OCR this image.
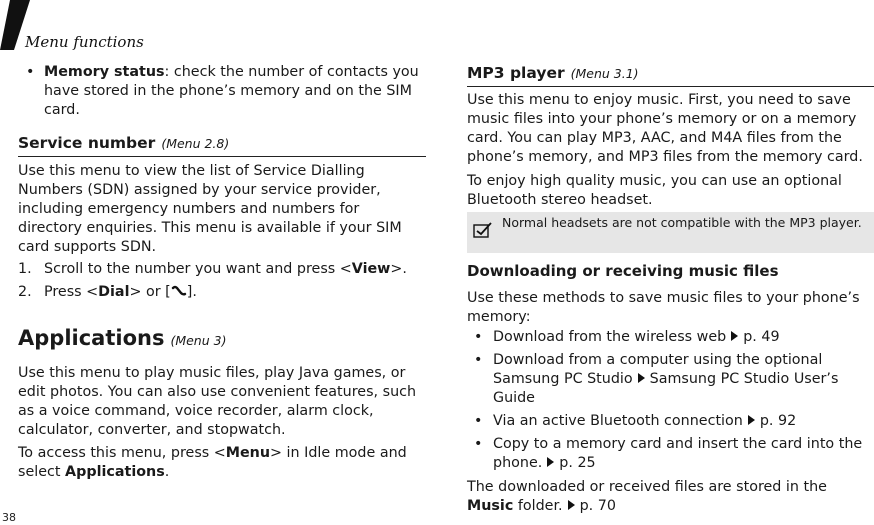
Menu functions
• Memory status: check the number of contacts you have stored in the phone’s memory and on the SIM card.
Service number (Menu 2.8)
Use this menu to view the list of Service Dialling Numbers (SDN) assigned by your service provider, including emergency numbers and numbers for directory enquiries. This menu is available if your SIM card supports SDN.
1. Scroll to the number you want and press <View>.
2. Press <Dial> or [ ].
Applications (Menu 3)
Use this menu to play music files, play Java games, or edit photos. You can also use convenient features, such as a voice command, voice recorder, alarm clock, calculator, converter, and stopwatch.
To access this menu, press <Menu> in Idle mode and select Applications.
MP3 player (Menu 3.1)
Use this menu to enjoy music. First, you need to save music files into your phone’s memory or on a memory card. You can play MP3, AAC, and M4A files from the phone’s memory, and MP3 files from the memory card.
To enjoy high quality music, you can use an optional Bluetooth stereo headset.
Normal headsets are not compatible with the MP3 player.
Downloading or receiving music files
Use these methods to save music files to your phone’s memory:
• Download from the wireless web p. 49
• Download from a computer using the optional Samsung PC Studio Samsung PC Studio User’s Guide
• Via an active Bluetooth connection p. 92
• Copy to a memory card and insert the card into the phone. p. 25
The downloaded or received files are stored in the Music folder. p. 70
38
